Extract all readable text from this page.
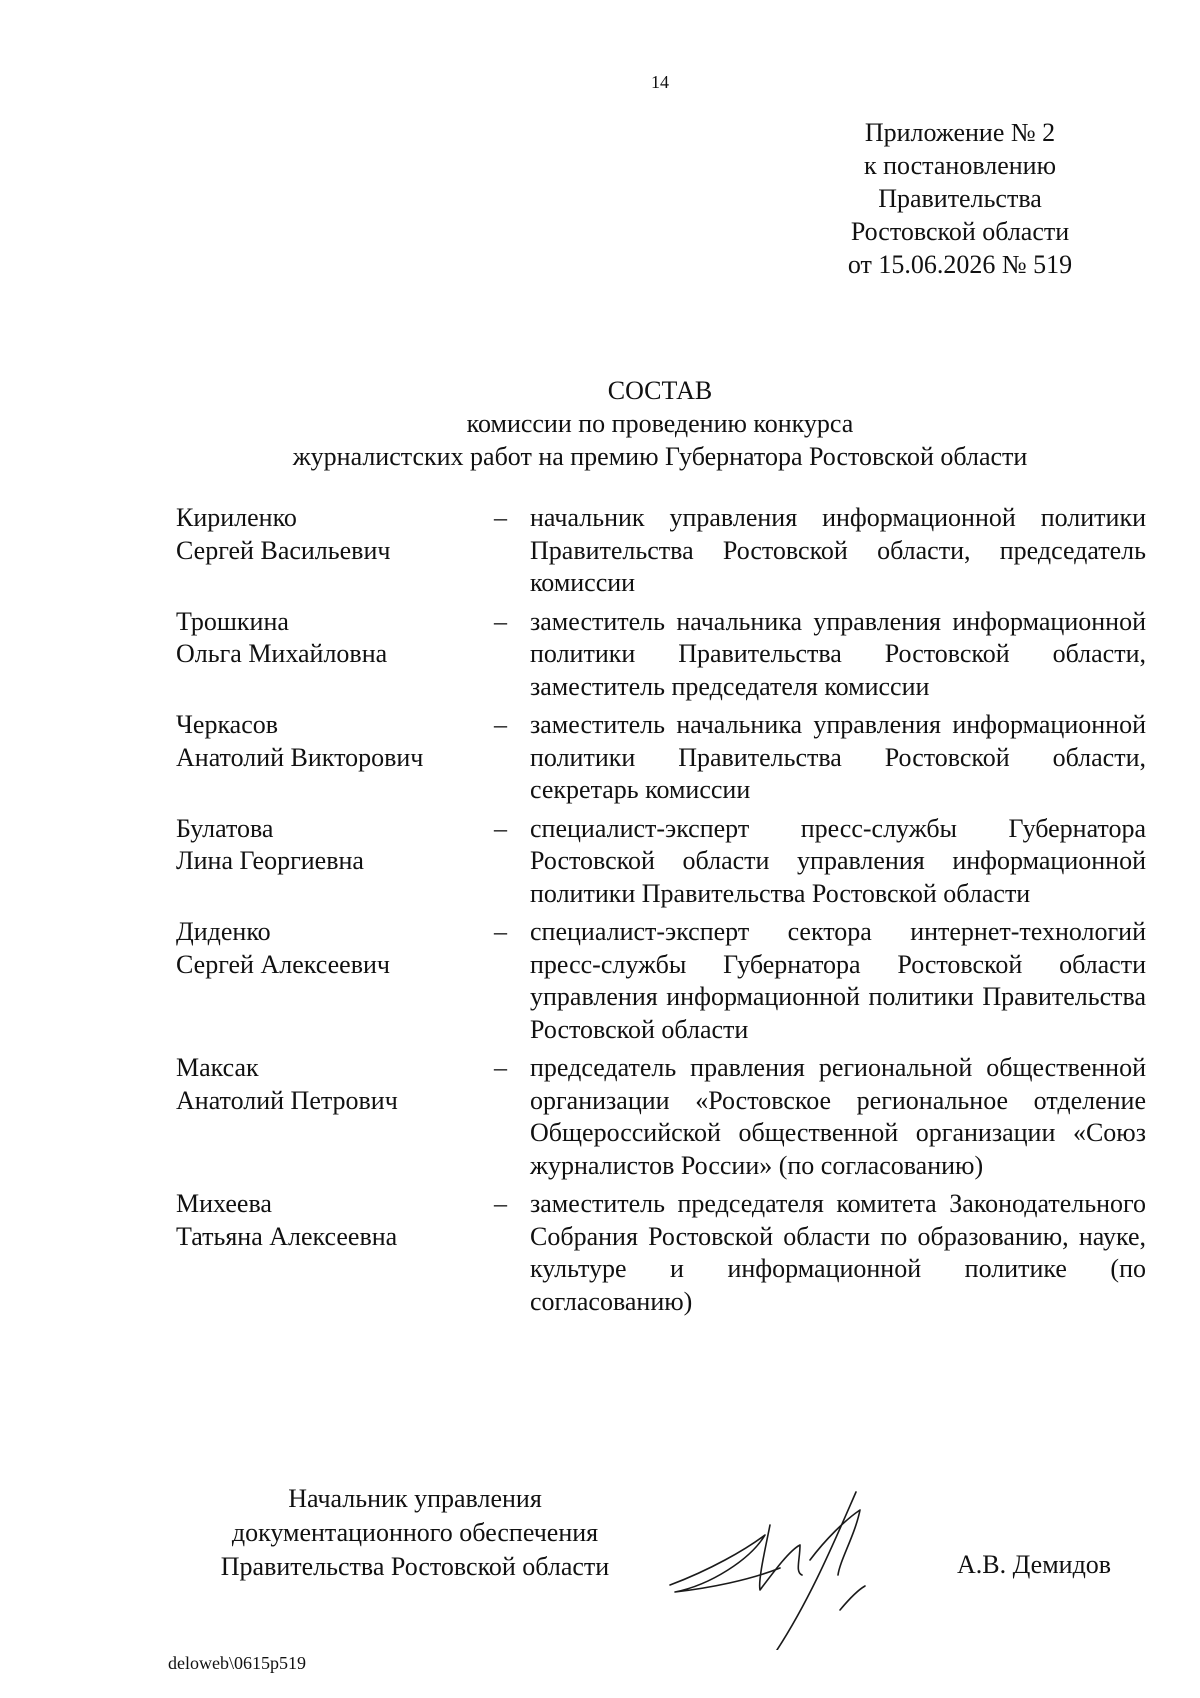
14
Приложение № 2
к постановлению
Правительства
Ростовской области
от 15.06.2026 № 519
СОСТАВ
комиссии по проведению конкурса
журналистских работ на премию Губернатора Ростовской области
Кириленко
Сергей Васильевич
– начальник управления информационной политики Правительства Ростовской области, председатель комиссии
Трошкина
Ольга Михайловна
– заместитель начальника управления информационной политики Правительства Ростовской области, заместитель председателя комиссии
Черкасов
Анатолий Викторович
– заместитель начальника управления информационной политики Правительства Ростовской области, секретарь комиссии
Булатова
Лина Георгиевна
– специалист-эксперт пресс-службы Губернатора Ростовской области управления информационной политики Правительства Ростовской области
Диденко
Сергей Алексеевич
– специалист-эксперт сектора интернет-технологий пресс-службы Губернатора Ростовской области управления информационной политики Правительства Ростовской области
Максак
Анатолий Петрович
– председатель правления региональной общественной организации «Ростовское региональное отделение Общероссийской общественной организации «Союз журналистов России» (по согласованию)
Михеева
Татьяна Алексеевна
– заместитель председателя комитета Законодательного Собрания Ростовской области по образованию, науке, культуре и информационной политике (по согласованию)
Начальник управления
документационного обеспечения
Правительства Ростовской области	А.В. Демидов
deloweb\0615p519
